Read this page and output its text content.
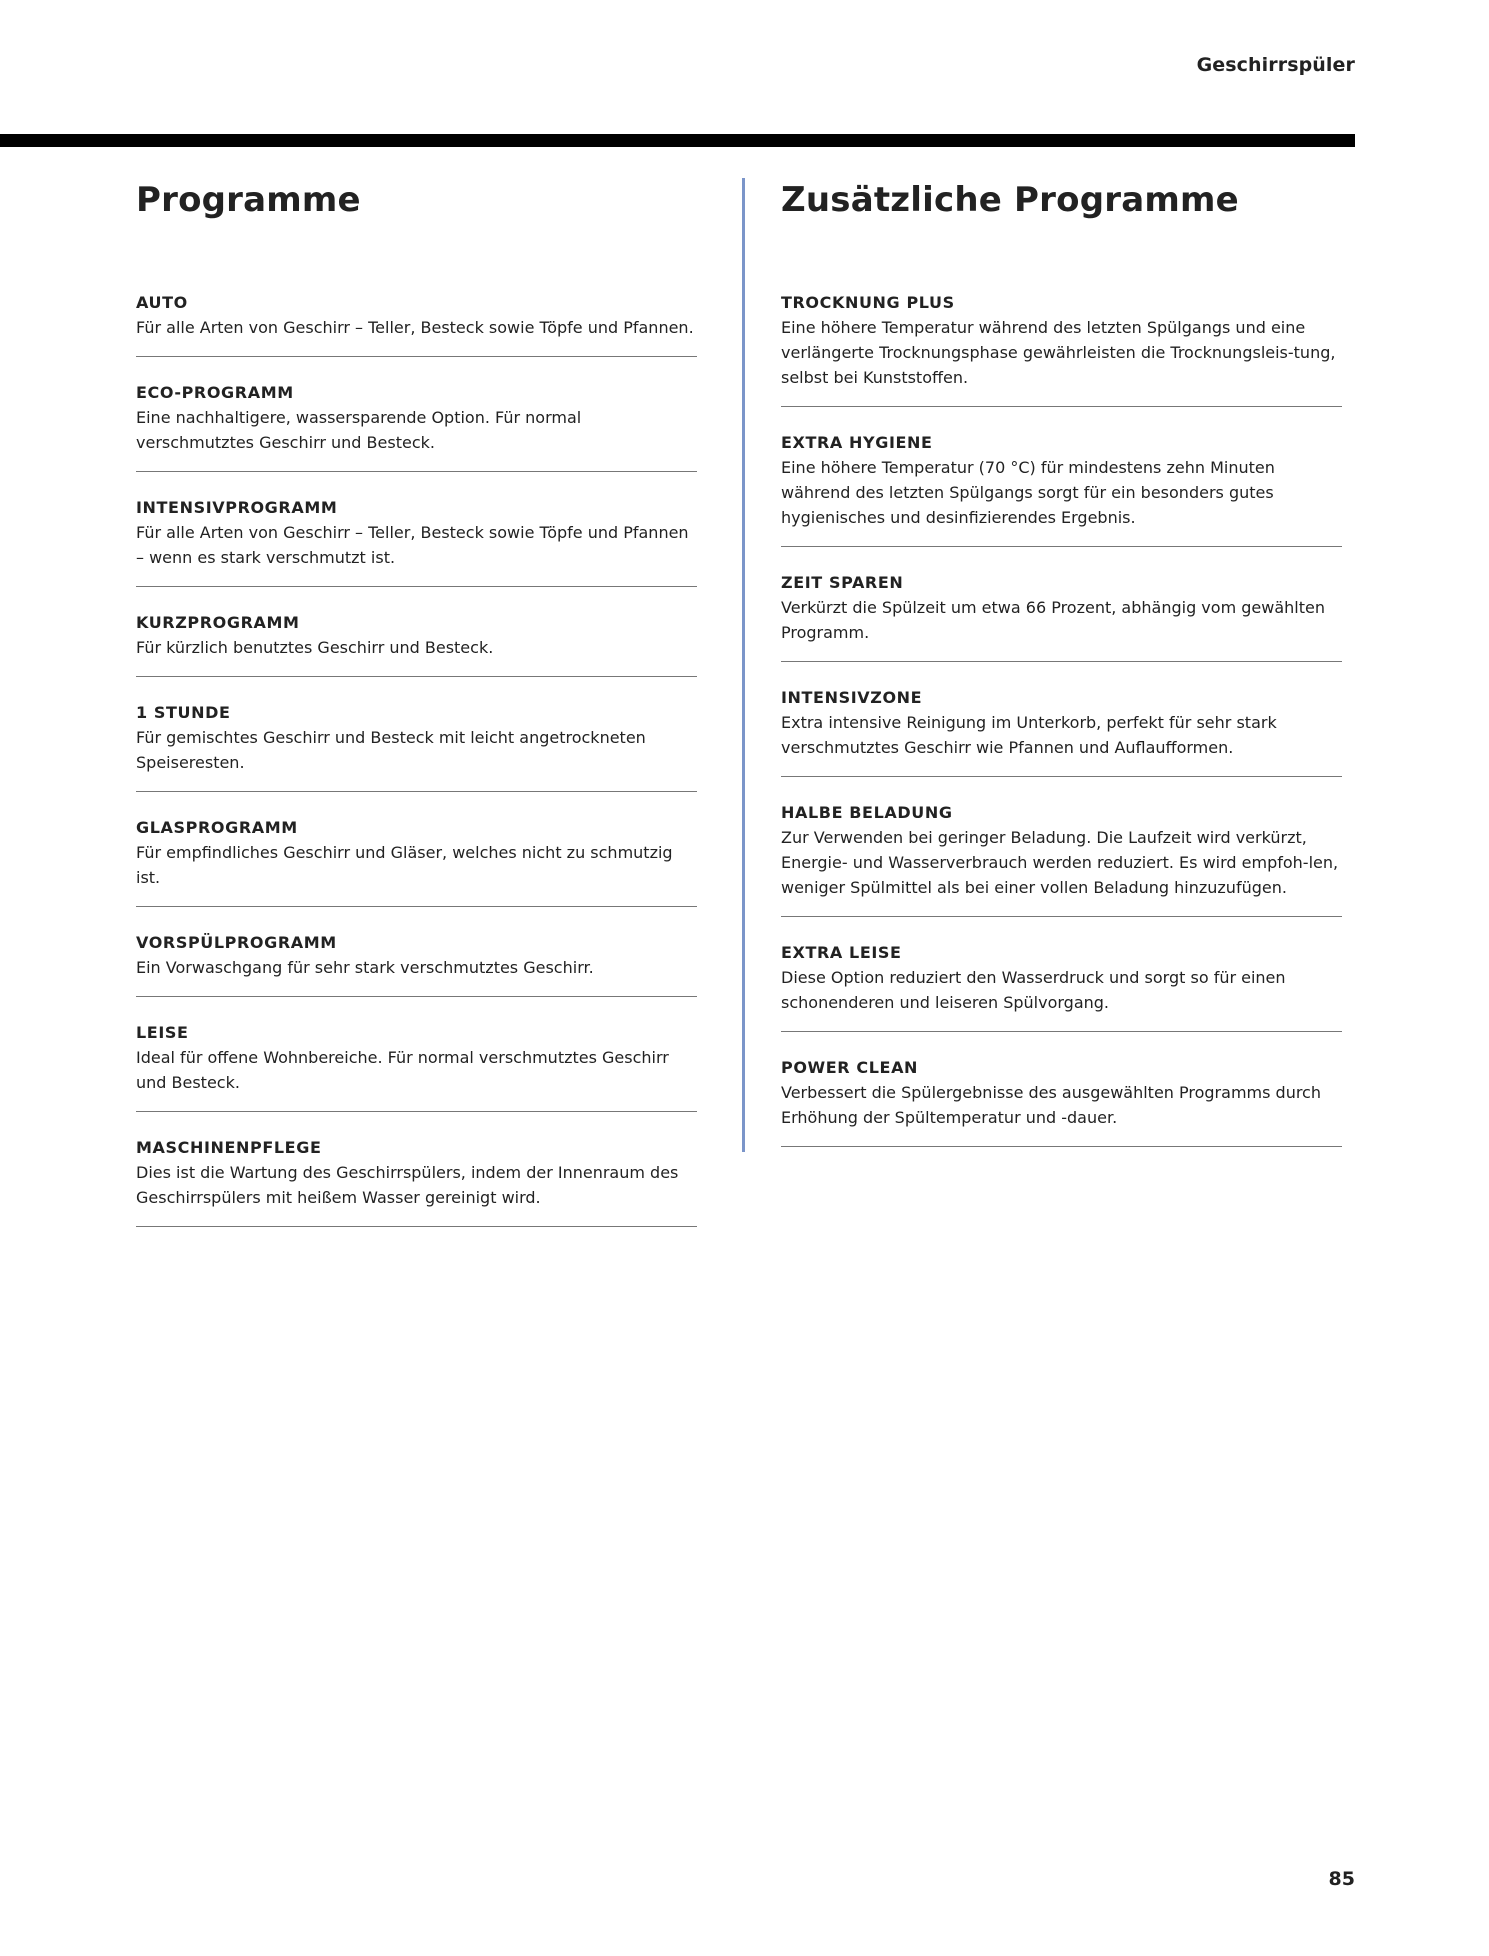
Geschirrspüler
Programme
AUTO
Für alle Arten von Geschirr – Teller, Besteck sowie Töpfe und Pfannen.
ECO-PROGRAMM
Eine nachhaltigere, wassersparende Option. Für normal verschmutztes Geschirr und Besteck.
INTENSIVPROGRAMM
Für alle Arten von Geschirr – Teller, Besteck sowie Töpfe und Pfannen – wenn es stark verschmutzt ist.
KURZPROGRAMM
Für kürzlich benutztes Geschirr und Besteck.
1 STUNDE
Für gemischtes Geschirr und Besteck mit leicht angetrockneten Speiseresten.
GLASPROGRAMM
Für empfindliches Geschirr und Gläser, welches nicht zu schmutzig ist.
VORSPÜLPROGRAMM
Ein Vorwaschgang für sehr stark verschmutztes Geschirr.
LEISE
Ideal für offene Wohnbereiche. Für normal verschmutztes Geschirr und Besteck.
MASCHINENPFLEGE
Dies ist die Wartung des Geschirrspülers, indem der Innenraum des Geschirrspülers mit heißem Wasser gereinigt wird.
Zusätzliche Programme
TROCKNUNG PLUS
Eine höhere Temperatur während des letzten Spülgangs und eine verlängerte Trocknungsphase gewährleisten die Trocknungsleis-tung, selbst bei Kunststoffen.
EXTRA HYGIENE
Eine höhere Temperatur (70 °C) für mindestens zehn Minuten während des letzten Spülgangs sorgt für ein besonders gutes hygienisches und desinfizierendes Ergebnis.
ZEIT SPAREN
Verkürzt die Spülzeit um etwa 66 Prozent, abhängig vom gewählten Programm.
INTENSIVZONE
Extra intensive Reinigung im Unterkorb, perfekt für sehr stark verschmutztes Geschirr wie Pfannen und Auflaufformen.
HALBE BELADUNG
Zur Verwenden bei geringer Beladung. Die Laufzeit wird verkürzt, Energie- und Wasserverbrauch werden reduziert. Es wird empfoh-len, weniger Spülmittel als bei einer vollen Beladung hinzuzufügen.
EXTRA LEISE
Diese Option reduziert den Wasserdruck und sorgt so für einen schonenderen und leiseren Spülvorgang.
POWER CLEAN
Verbessert die Spülergebnisse des ausgewählten Programms durch Erhöhung der Spültemperatur und -dauer.
85
